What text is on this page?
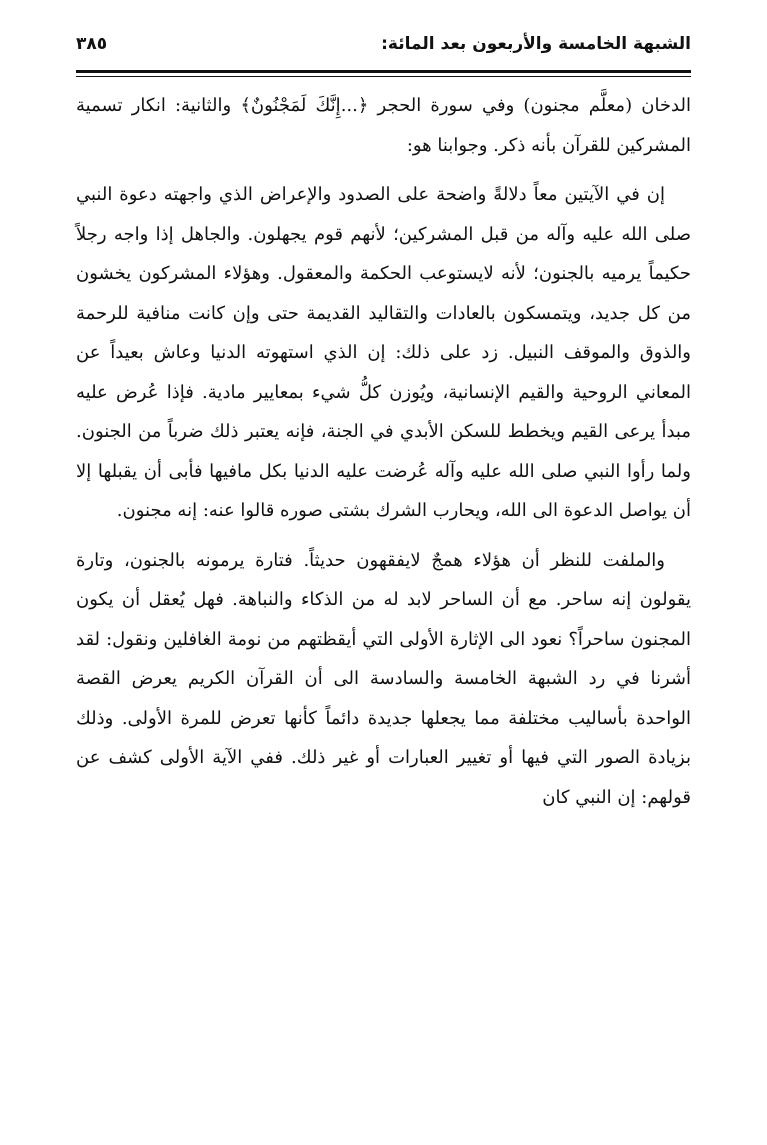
الشبهة الخامسة والأربعون بعد المائة:
٣٨٥

الدخان (معلَّم مجنون) وفي سورة الحجر ﴿...إِنَّكَ لَمَجْنُونٌ﴾ والثانية: انكار تسمية المشركين للقرآن بأنه ذكر. وجوابنا هو:

إن في الآيتين معاً دلالةً واضحة على الصدود والإعراض الذي واجهته دعوة النبي صلى الله عليه وآله من قبل المشركين؛ لأنهم قوم يجهلون. والجاهل إذا واجه رجلاً حكيماً يرميه بالجنون؛ لأنه لايستوعب الحكمة والمعقول. وهؤلاء المشركون يخشون من كل جديد، ويتمسكون بالعادات والتقاليد القديمة حتى وإن كانت منافية للرحمة والذوق والموقف النبيل. زد على ذلك: إن الذي استهوته الدنيا وعاش بعيداً عن المعاني الروحية والقيم الإنسانية، ويُوزن كلُّ شيء بمعايير مادية. فإذا عُرض عليه مبدأ يرعى القيم ويخطط للسكن الأبدي في الجنة، فإنه يعتبر ذلك ضرباً من الجنون. ولما رأوا النبي صلى الله عليه وآله عُرضت عليه الدنيا بكل مافيها فأبى أن يقبلها إلا أن يواصل الدعوة الى الله، ويحارب الشرك بشتى صوره قالوا عنه: إنه مجنون.

والملفت للنظر أن هؤلاء همجٌ لايفقهون حديثاً. فتارة يرمونه بالجنون، وتارة يقولون إنه ساحر. مع أن الساحر لابد له من الذكاء والنباهة. فهل يُعقل أن يكون المجنون ساحراً؟ نعود الى الإثارة الأولى التي أيقظتهم من نومة الغافلين ونقول: لقد أشرنا في رد الشبهة الخامسة والسادسة الى أن القرآن الكريم يعرض القصة الواحدة بأساليب مختلفة مما يجعلها جديدة دائماً كأنها تعرض للمرة الأولى. وذلك بزيادة الصور التي فيها أو تغيير العبارات أو غير ذلك. ففي الآية الأولى كشف عن قولهم: إن النبي كان
